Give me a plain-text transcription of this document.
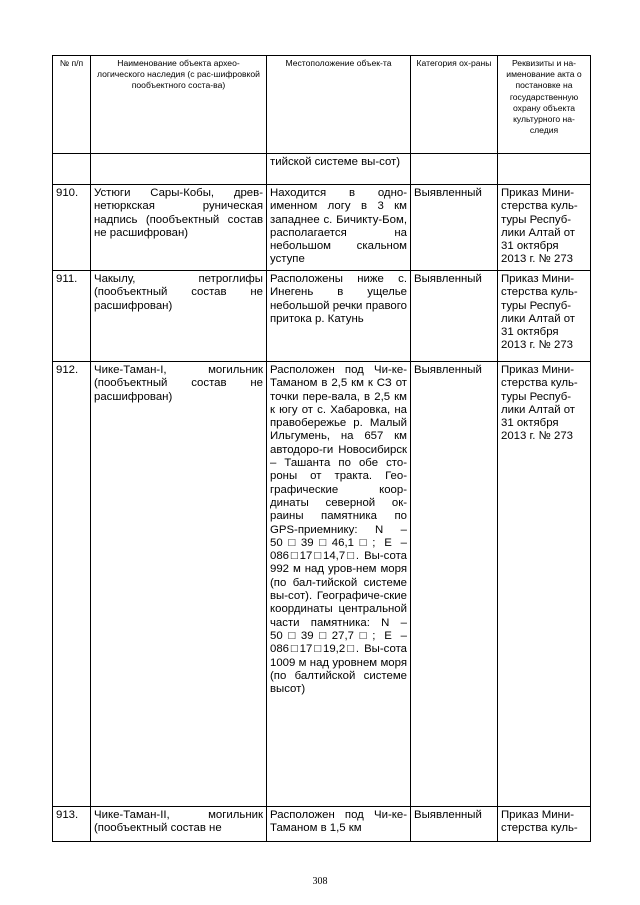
№ п/п	Наименование объекта архео-логического наследия (с рас-шифровкой пообъектного соста-ва)	Местоположение объек-та	Категория ох-раны	Реквизиты и на-именование акта о постановке на государственную охрану объекта культурного на-следия
		тийской системе вы-сот)		
910.	Устюги Сары-Кобы, древ-нетюркская руническая надпись (пообъектный состав не расшифрован)	Находится в одно-именном логу в 3 км западнее с. Бичикту-Бом, располагается на небольшом скальном уступе	Выявленный	Приказ Мини-стерства куль-туры Респуб-лики Алтай от 31 октября 2013 г. № 273
911.	Чакылу, петроглифы (пообъектный состав не расшифрован)	Расположены ниже с. Инегень в ущелье небольшой речки правого притока р. Катунь	Выявленный	Приказ Мини-стерства куль-туры Респуб-лики Алтай от 31 октября 2013 г. № 273
912.	Чике-Таман-I, могильник (пообъектный состав не расшифрован)	Расположен под Чи-ке-Таманом в 2,5 км к СЗ от точки пере-вала, в 2,5 км к югу от с. Хабаровка, на правобережье р. Малый Ильгумень, на 657 км автодоро-ги Новосибирск – Ташанта по обе сто-роны от тракта. Гео-графические коор-динаты северной ок-раины памятника по GPS-приемнику: N – 50□39□46,1□; E – 086□17□14,7□. Вы-сота 992 м над уров-нем моря (по бал-тийской системе вы-сот). Географиче-ские координаты центральной части памятника: N – 50□39□27,7□; E – 086□17□19,2□. Вы-сота 1009 м над уровнем моря (по балтийской системе высот)	Выявленный	Приказ Мини-стерства куль-туры Респуб-лики Алтай от 31 октября 2013 г. № 273
913.	Чике-Таман-II, могильник (пообъектный состав не	Расположен под Чи-ке-Таманом в 1,5 км	Выявленный	Приказ Мини-стерства куль-
308
